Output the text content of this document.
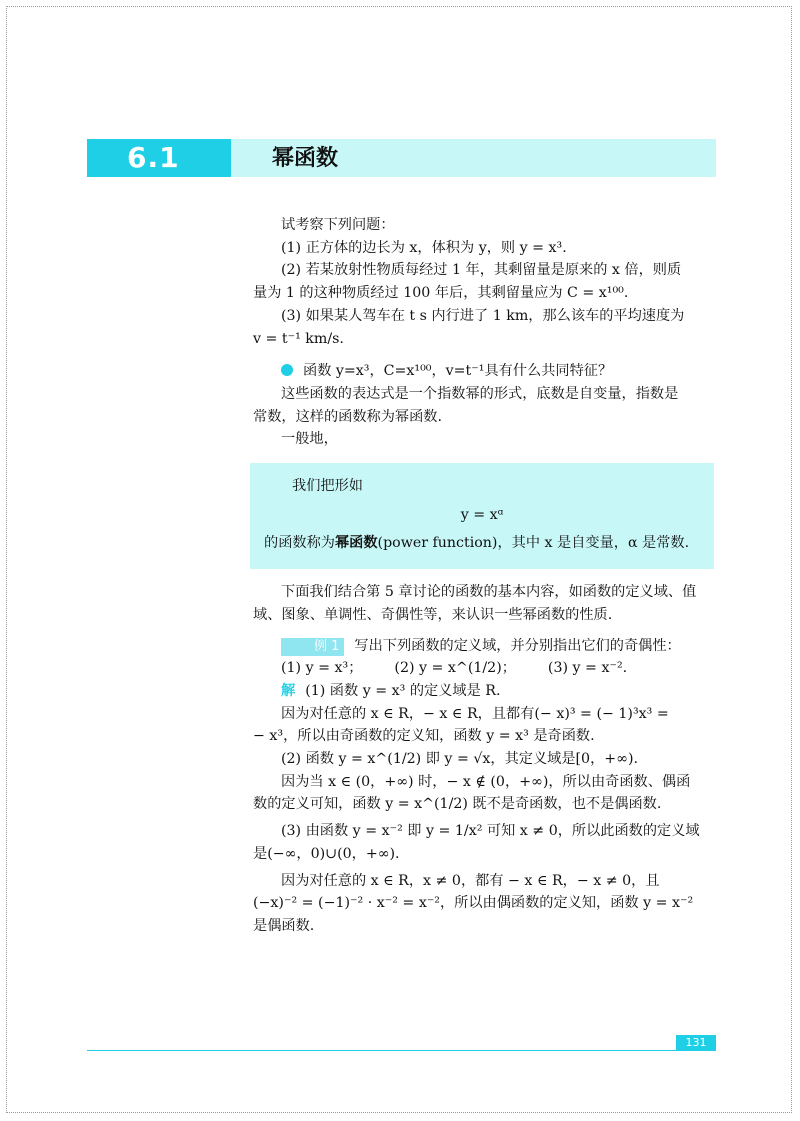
6.1	幂函数

试考察下列问题：

(1) 正方体的边长为 x，体积为 y，则 y = x³.

(2) 若某放射性物质每经过 1 年，其剩留量是原来的 x 倍，则质

量为 1 的这种物质经过 100 年后，其剩留量应为 C = x¹⁰⁰.

(3) 如果某人驾车在 t s 内行进了 1 km，那么该车的平均速度为

v = t⁻¹ km/s.

函数 y=x³，C=x¹⁰⁰，v=t⁻¹具有什么共同特征？

这些函数的表达式是一个指数幂的形式，底数是自变量，指数是

常数，这样的函数称为幂函数.

一般地，

我们把形如

y = xᵅ

的函数称为幂函数(power function)，其中 x 是自变量，α 是常数.

下面我们结合第 5 章讨论的函数的基本内容，如函数的定义域、值

域、图象、单调性、奇偶性等，来认识一些幂函数的性质.

例 1 写出下列函数的定义域，并分别指出它们的奇偶性：

(1) y = x³； (2) y = x^(1/2)； (3) y = x⁻².

解 (1) 函数 y = x³ 的定义域是 R.

因为对任意的 x ∈ R，− x ∈ R，且都有(− x)³ = (− 1)³x³ =

− x³，所以由奇函数的定义知，函数 y = x³ 是奇函数.

(2) 函数 y = x^(1/2) 即 y = √x，其定义域是[0，+∞).

因为当 x ∈ (0，+∞) 时，− x ∉ (0，+∞)，所以由奇函数、偶函

数的定义可知，函数 y = x^(1/2) 既不是奇函数，也不是偶函数.

(3) 由函数 y = x⁻² 即 y = 1/x² 可知 x ≠ 0，所以此函数的定义域

是(−∞，0)∪(0，+∞).

因为对任意的 x ∈ R，x ≠ 0，都有 − x ∈ R，− x ≠ 0，且

(−x)⁻² = (−1)⁻² · x⁻² = x⁻²，所以由偶函数的定义知，函数 y = x⁻²

是偶函数.

131
